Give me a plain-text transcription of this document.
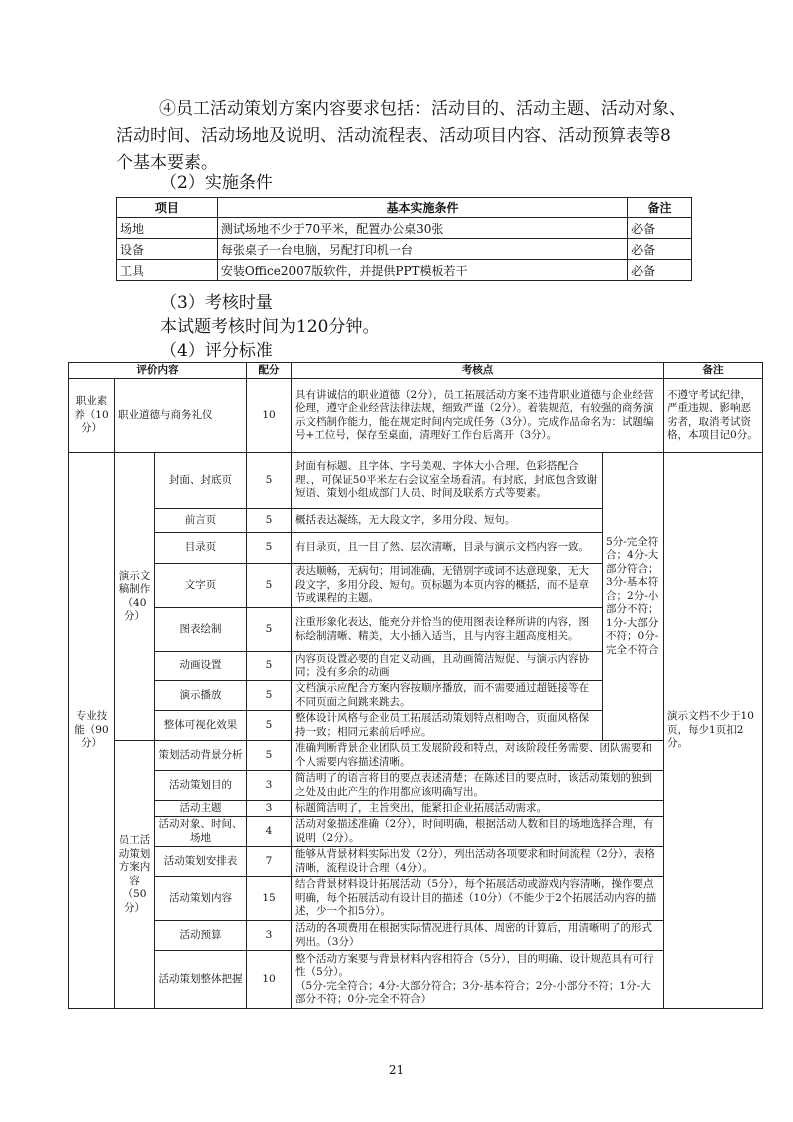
④员工活动策划方案内容要求包括：活动目的、活动主题、活动对象、活动时间、活动场地及说明、活动流程表、活动项目内容、活动预算表等8个基本要素。
（2）实施条件
项目	基本实施条件	备注
场地	测试场地不少于70平米，配置办公桌30张	必备
设备	每张桌子一台电脑，另配打印机一台	必备
工具	安装Office2007版软件，并提供PPT模板若干	必备
（3）考核时量
本试题考核时间为120分钟。
（4）评分标准
评价内容			配分	考核点		备注
职业素养（10分）	职业道德与商务礼仪		10	具有讲诚信的职业道德（2分），员工拓展活动方案不违背职业道德与企业经营伦理，遵守企业经营法律法规，细致严谨（2分）。着装规范，有较强的商务演示文档制作能力，能在规定时间内完成任务（3分）。完成作品命名为：试题编号+工位号，保存至桌面，清理好工作台后离开（3分）。		不遵守考试纪律，严重违规、影响恶劣者，取消考试资格，本项目记0分。
专业技能（90分）	演示文稿制作（40分）	封面、封底页	5	封面有标题、且字体、字号美观、字体大小合理、色彩搭配合理、，可保证50平米左右会议室全场看清。有封底，封底包含致谢短语、策划小组成部门人员、时间及联系方式等要素。	5分-完全符合；4分-大部分符合；3分-基本符合；2分-小部分不符；1分-大部分不符；0分-完全不符合	演示文档不少于10页，每少1页扣2分。
		前言页	5	概括表达凝练，无大段文字，多用分段、短句。		
		目录页	5	有目录页，且一目了然、层次清晰，目录与演示文档内容一致。		
		文字页	5	表达顺畅，无病句；用词准确，无错别字或词不达意现象，无大段文字，多用分段、短句。页标题为本页内容的概括，而不是章节或课程的主题。		
		图表绘制	5	注重形象化表达，能充分并恰当的使用图表诠释所讲的内容，图标绘制清晰、精美，大小插入适当，且与内容主题高度相关。		
		动画设置	5	内容页设置必要的自定义动画，且动画简洁短促、与演示内容协同；没有多余的动画		
		演示播放	5	文档演示应配合方案内容按顺序播放，而不需要通过超链接等在不同页面之间跳来跳去。		
		整体可视化效果	5	整体设计风格与企业员工拓展活动策划特点相吻合，页面风格保持一致；相同元素前后呼应。		
	员工活动策划方案内容（50分）	策划活动背景分析	5	准确判断背景企业团队员工发展阶段和特点，对该阶段任务需要、团队需要和个人需要内容描述清晰。		
		活动策划目的	3	简洁明了的语言将目的要点表述清楚；在陈述目的要点时，该活动策划的独到之处及由此产生的作用都应该明确写出。		
		活动主题	3	标题简洁明了，主旨突出，能紧扣企业拓展活动需求。		
		活动对象、时间、场地	4	活动对象描述准确（2分），时间明确，根据活动人数和目的场地选择合理，有说明（2分）。		
		活动策划安排表	7	能够从背景材料实际出发（2分），列出活动各项要求和时间流程（2分），表格清晰，流程设计合理（4分）。		
		活动策划内容	15	结合背景材料设计拓展活动（5分），每个拓展活动或游戏内容清晰，操作要点明确，每个拓展活动有设计目的描述（10分）（不能少于2个拓展活动内容的描述，少一个扣5分）。		
		活动预算	3	活动的各项费用在根据实际情况进行具体、周密的计算后，用清晰明了的形式列出。（3分）		
		活动策划整体把握	10	整个活动方案要与背景材料内容相符合（5分），目的明确、设计规范具有可行性（5分）。
（5分-完全符合；4分-大部分符合；3分-基本符合；2分-小部分不符；1分-大部分不符；0分-完全不符合）		
21
